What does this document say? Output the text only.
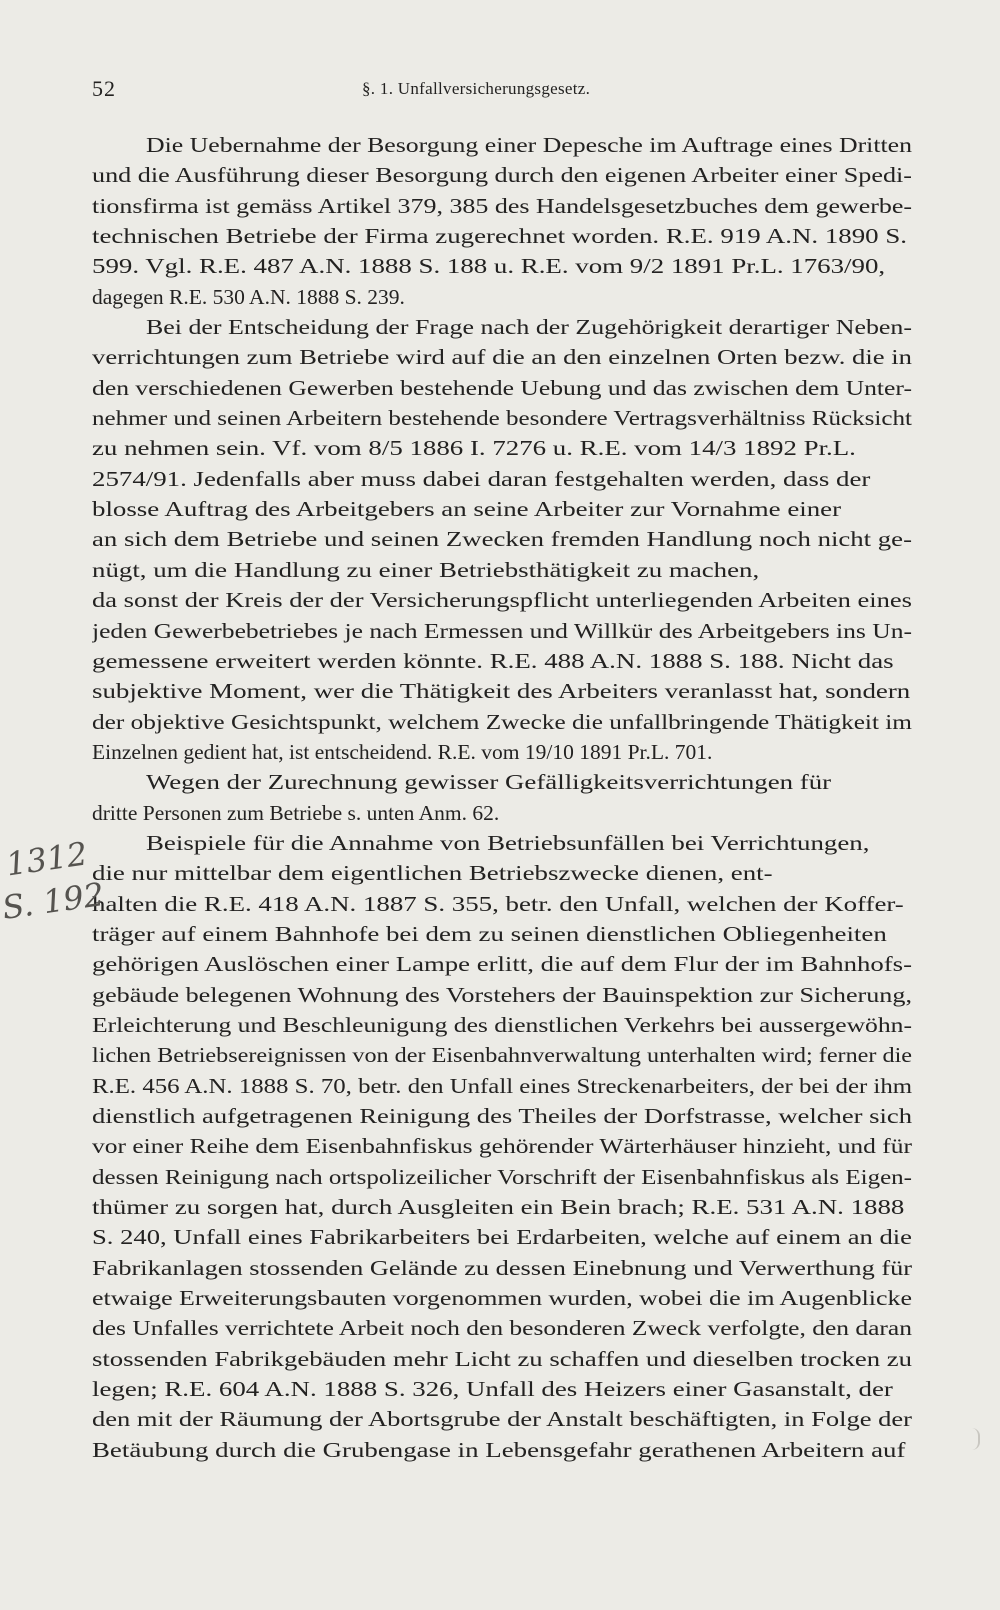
52	§. 1. Unfallversicherungsgesetz.
Die Uebernahme der Besorgung einer Depesche im Auftrage eines Dritten
und die Ausführung dieser Besorgung durch den eigenen Arbeiter einer Spedi-
tionsfirma ist gemäss Artikel 379, 385 des Handelsgesetzbuches dem gewerbe-
technischen Betriebe der Firma zugerechnet worden. R.E. 919 A.N. 1890 S.
599. Vgl. R.E. 487 A.N. 1888 S. 188 u. R.E. vom 9/2 1891 Pr.L. 1763/90,
dagegen R.E. 530 A.N. 1888 S. 239.
Bei der Entscheidung der Frage nach der Zugehörigkeit derartiger Neben-
verrichtungen zum Betriebe wird auf die an den einzelnen Orten bezw. die in
den verschiedenen Gewerben bestehende Uebung und das zwischen dem Unter-
nehmer und seinen Arbeitern bestehende besondere Vertragsverhältniss Rücksicht
zu nehmen sein. Vf. vom 8/5 1886 I. 7276 u. R.E. vom 14/3 1892 Pr.L.
2574/91. Jedenfalls aber muss dabei daran festgehalten werden, dass der
blosse Auftrag des Arbeitgebers an seine Arbeiter zur Vornahme einer
an sich dem Betriebe und seinen Zwecken fremden Handlung noch nicht ge-
nügt, um die Handlung zu einer Betriebsthätigkeit zu machen,
da sonst der Kreis der der Versicherungspflicht unterliegenden Arbeiten eines
jeden Gewerbebetriebes je nach Ermessen und Willkür des Arbeitgebers ins Un-
gemessene erweitert werden könnte. R.E. 488 A.N. 1888 S. 188. Nicht das
subjektive Moment, wer die Thätigkeit des Arbeiters veranlasst hat, sondern
der objektive Gesichtspunkt, welchem Zwecke die unfallbringende Thätigkeit im
Einzelnen gedient hat, ist entscheidend. R.E. vom 19/10 1891 Pr.L. 701.
Wegen der Zurechnung gewisser Gefälligkeitsverrichtungen für
dritte Personen zum Betriebe s. unten Anm. 62.
Beispiele für die Annahme von Betriebsunfällen bei Verrichtungen,
die nur mittelbar dem eigentlichen Betriebszwecke dienen, ent-
halten die R.E. 418 A.N. 1887 S. 355, betr. den Unfall, welchen der Koffer-
träger auf einem Bahnhofe bei dem zu seinen dienstlichen Obliegenheiten
gehörigen Auslöschen einer Lampe erlitt, die auf dem Flur der im Bahnhofs-
gebäude belegenen Wohnung des Vorstehers der Bauinspektion zur Sicherung,
Erleichterung und Beschleunigung des dienstlichen Verkehrs bei aussergewöhn-
lichen Betriebsereignissen von der Eisenbahnverwaltung unterhalten wird; ferner die
R.E. 456 A.N. 1888 S. 70, betr. den Unfall eines Streckenarbeiters, der bei der ihm
dienstlich aufgetragenen Reinigung des Theiles der Dorfstrasse, welcher sich
vor einer Reihe dem Eisenbahnfiskus gehörender Wärterhäuser hinzieht, und für
dessen Reinigung nach ortspolizeilicher Vorschrift der Eisenbahnfiskus als Eigen-
thümer zu sorgen hat, durch Ausgleiten ein Bein brach; R.E. 531 A.N. 1888
S. 240, Unfall eines Fabrikarbeiters bei Erdarbeiten, welche auf einem an die
Fabrikanlagen stossenden Gelände zu dessen Einebnung und Verwerthung für
etwaige Erweiterungsbauten vorgenommen wurden, wobei die im Augenblicke
des Unfalles verrichtete Arbeit noch den besonderen Zweck verfolgte, den daran
stossenden Fabrikgebäuden mehr Licht zu schaffen und dieselben trocken zu
legen; R.E. 604 A.N. 1888 S. 326, Unfall des Heizers einer Gasanstalt, der
den mit der Räumung der Abortsgrube der Anstalt beschäftigten, in Folge der
Betäubung durch die Grubengase in Lebensgefahr gerathenen Arbeitern auf
1312
S. 192
